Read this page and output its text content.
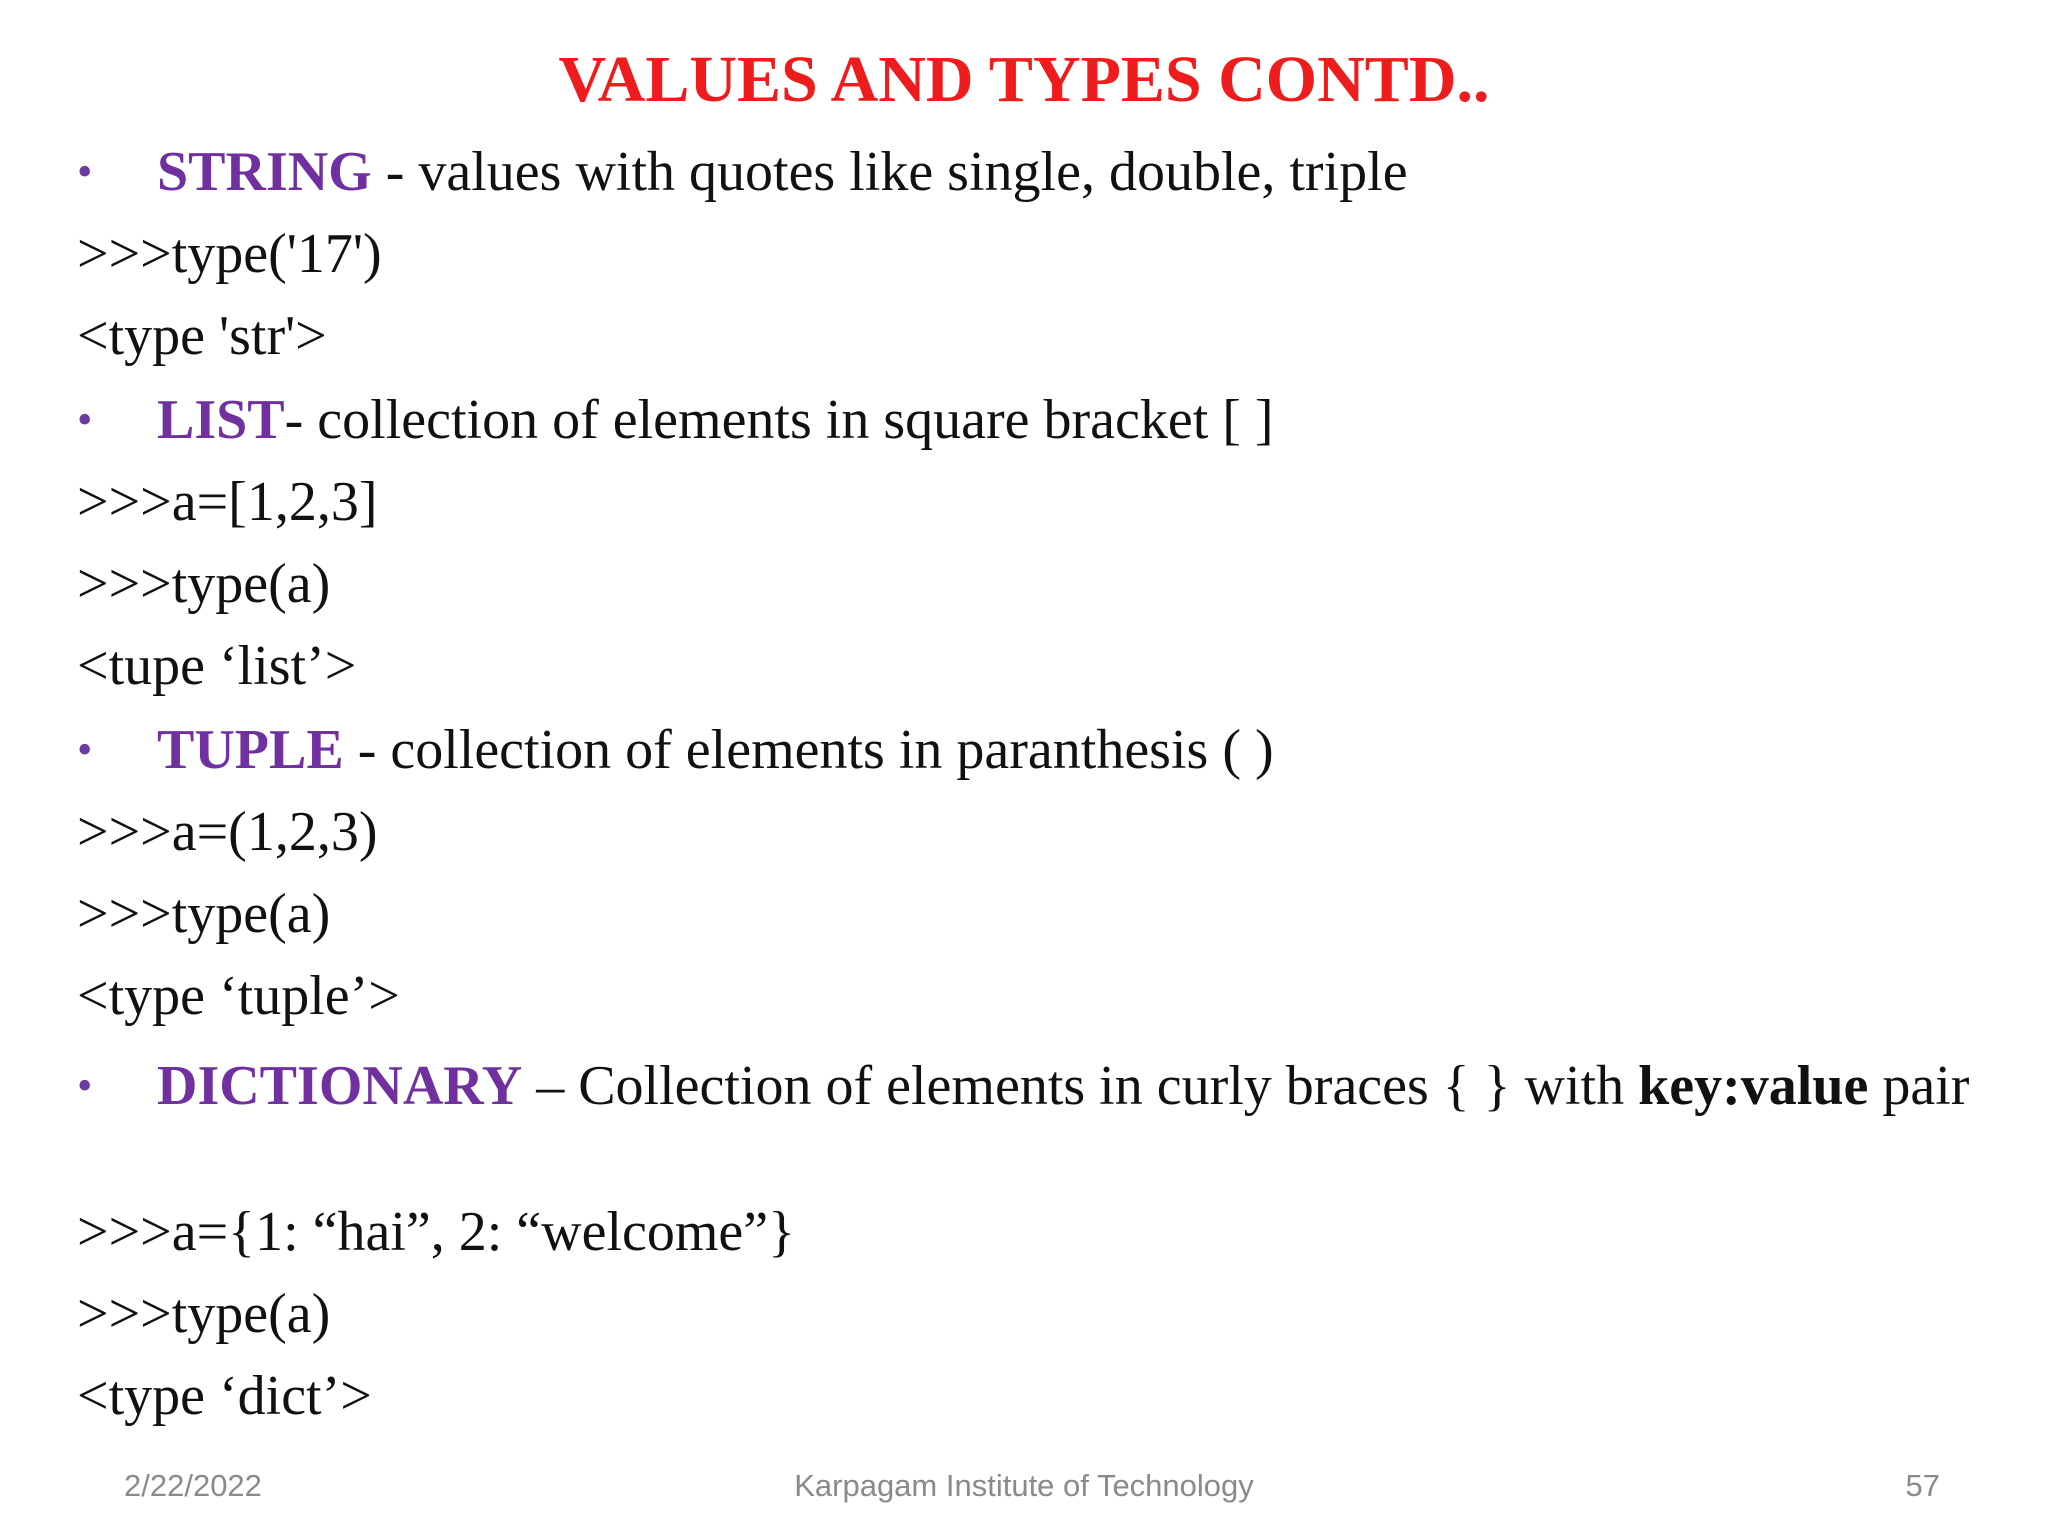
VALUES AND TYPES CONTD..
• STRING - values with quotes like single, double, triple
>>>type('17')
<type 'str'>
• LIST- collection of elements in square bracket [ ]
>>>a=[1,2,3]
>>>type(a)
<tupe ‘list’>
• TUPLE - collection of elements in paranthesis ( )
>>>a=(1,2,3)
>>>type(a)
<type ‘tuple’>
• DICTIONARY – Collection of elements in curly braces { } with key:value pair
>>>a={1: “hai”, 2: “welcome”}
>>>type(a)
<type ‘dict’>
2/22/2022	Karpagam Institute of Technology	57
